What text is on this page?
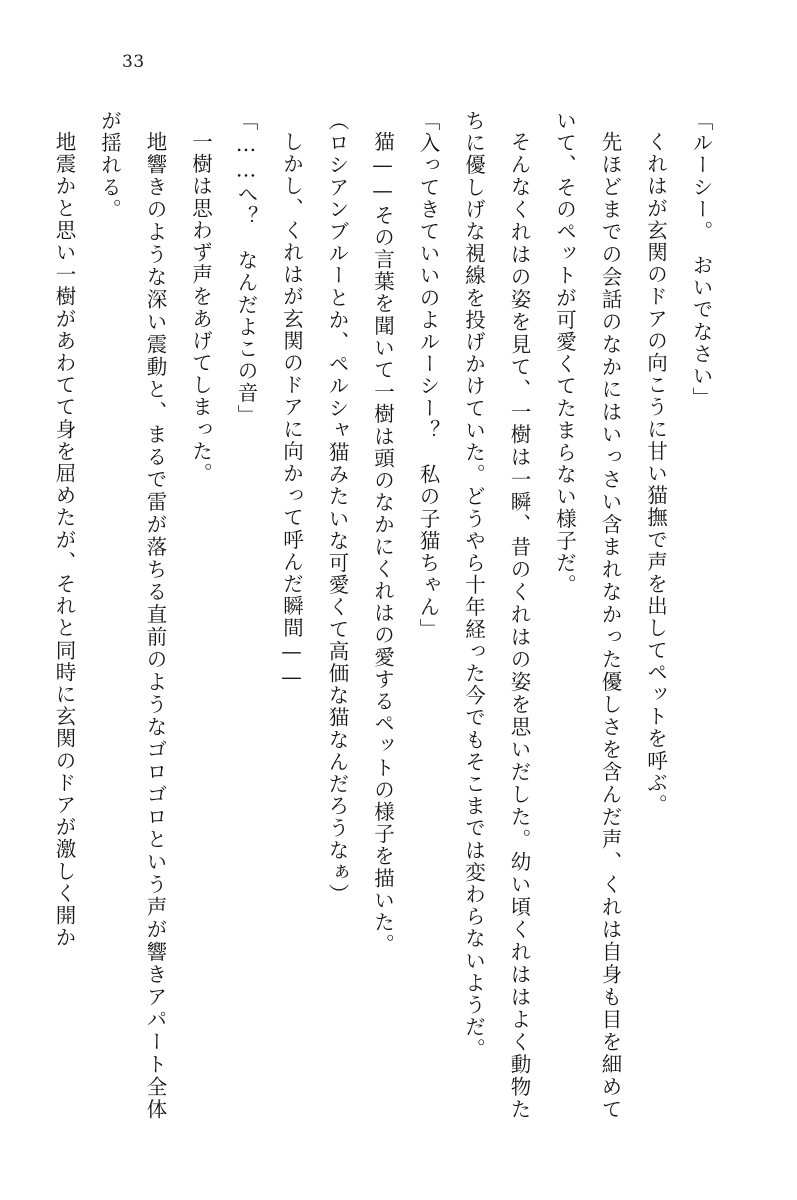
33

「ルーシー。　おいでなさい」

くれはが玄関のドアの向こうに甘い猫撫で声を出してペットを呼ぶ。

先ほどまでの会話のなかにはいっさい含まれなかった優しさを含んだ声、くれは自身も目を細めていて、そのペットが可愛くてたまらない様子だ。

そんなくれはの姿を見て、一樹は一瞬、昔のくれはの姿を思いだした。幼い頃くれははよく動物たちに優しげな視線を投げかけていた。どうやら十年経った今でもそこまでは変わらないようだ。

「入ってきていいのよルーシー？　私の子猫ちゃん」

猫——その言葉を聞いて一樹は頭のなかにくれはの愛するペットの様子を描いた。

（ロシアンブルーとか、ペルシャ猫みたいな可愛くて高価な猫なんだろうなぁ）

しかし、くれはが玄関のドアに向かって呼んだ瞬間——

「……へ？　なんだよこの音」

一樹は思わず声をあげてしまった。

地響きのような深い震動と、まるで雷が落ちる直前のようなゴロゴロという声が響きアパート全体が揺れる。

地震かと思い一樹があわてて身を屈めたが、それと同時に玄関のドアが激しく開か
